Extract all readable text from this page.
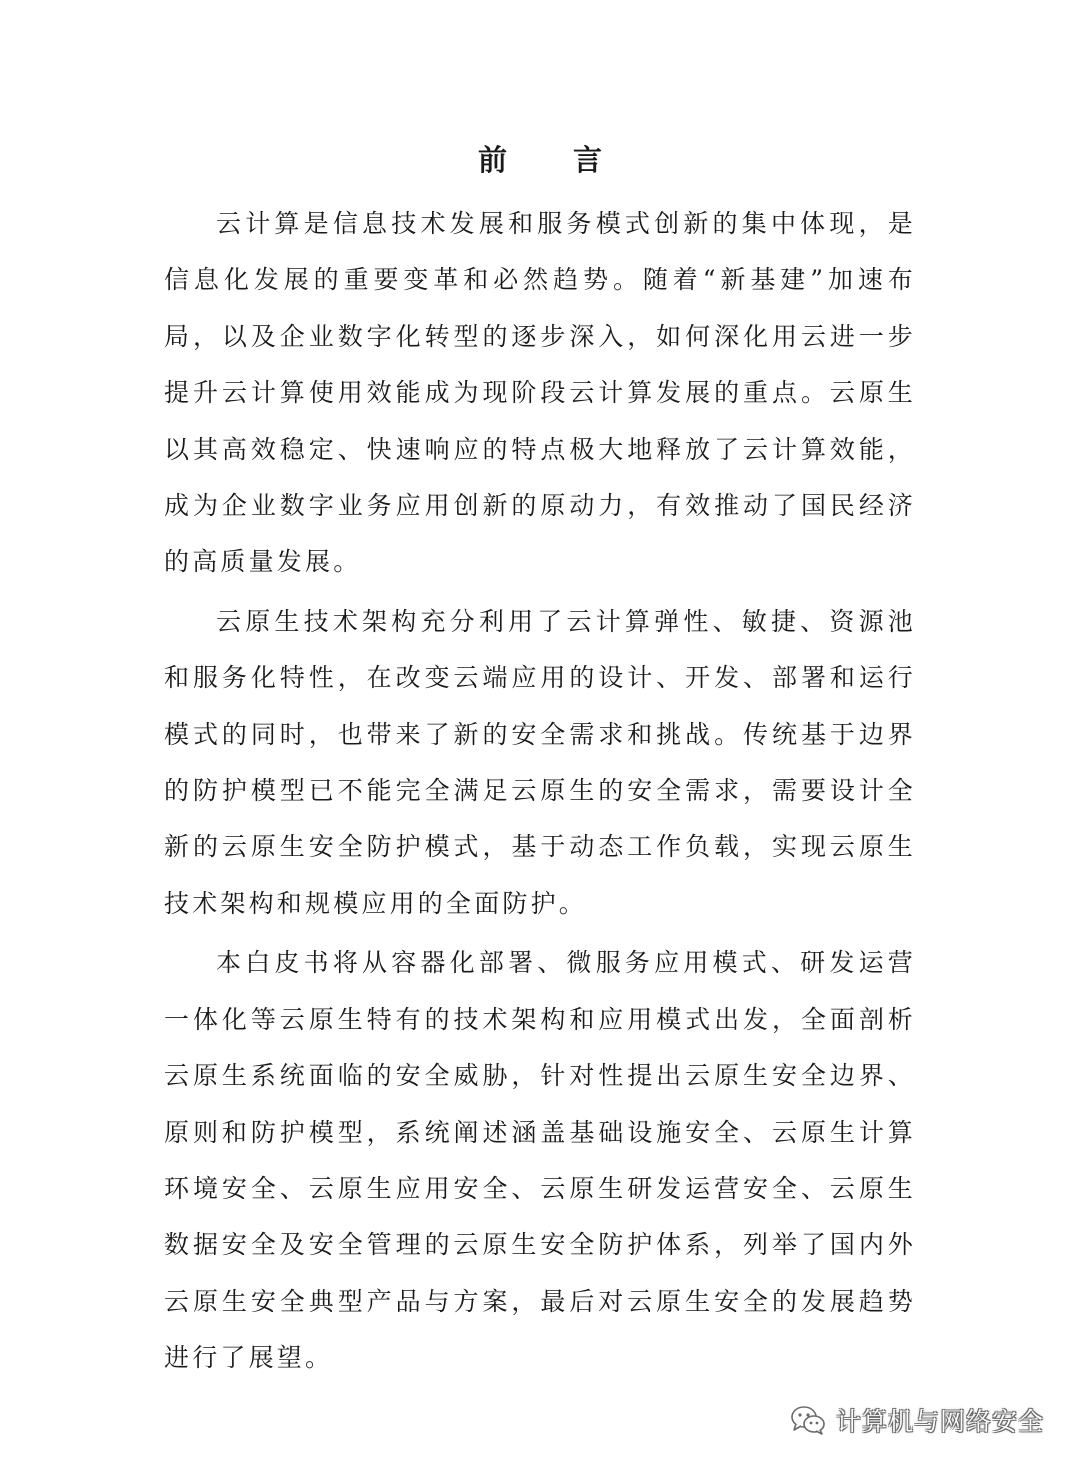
前 言

云计算是信息技术发展和服务模式创新的集中体现，是信息化发展的重要变革和必然趋势。随着“新基建”加速布局，以及企业数字化转型的逐步深入，如何深化用云进一步提升云计算使用效能成为现阶段云计算发展的重点。云原生以其高效稳定、快速响应的特点极大地释放了云计算效能，成为企业数字业务应用创新的原动力，有效推动了国民经济的高质量发展。

云原生技术架构充分利用了云计算弹性、敏捷、资源池和服务化特性，在改变云端应用的设计、开发、部署和运行模式的同时，也带来了新的安全需求和挑战。传统基于边界的防护模型已不能完全满足云原生的安全需求，需要设计全新的云原生安全防护模式，基于动态工作负载，实现云原生技术架构和规模应用的全面防护。

本白皮书将从容器化部署、微服务应用模式、研发运营一体化等云原生特有的技术架构和应用模式出发，全面剖析云原生系统面临的安全威胁，针对性提出云原生安全边界、原则和防护模型，系统阐述涵盖基础设施安全、云原生计算环境安全、云原生应用安全、云原生研发运营安全、云原生数据安全及安全管理的云原生安全防护体系，列举了国内外云原生安全典型产品与方案，最后对云原生安全的发展趋势进行了展望。

计算机与网络安全
